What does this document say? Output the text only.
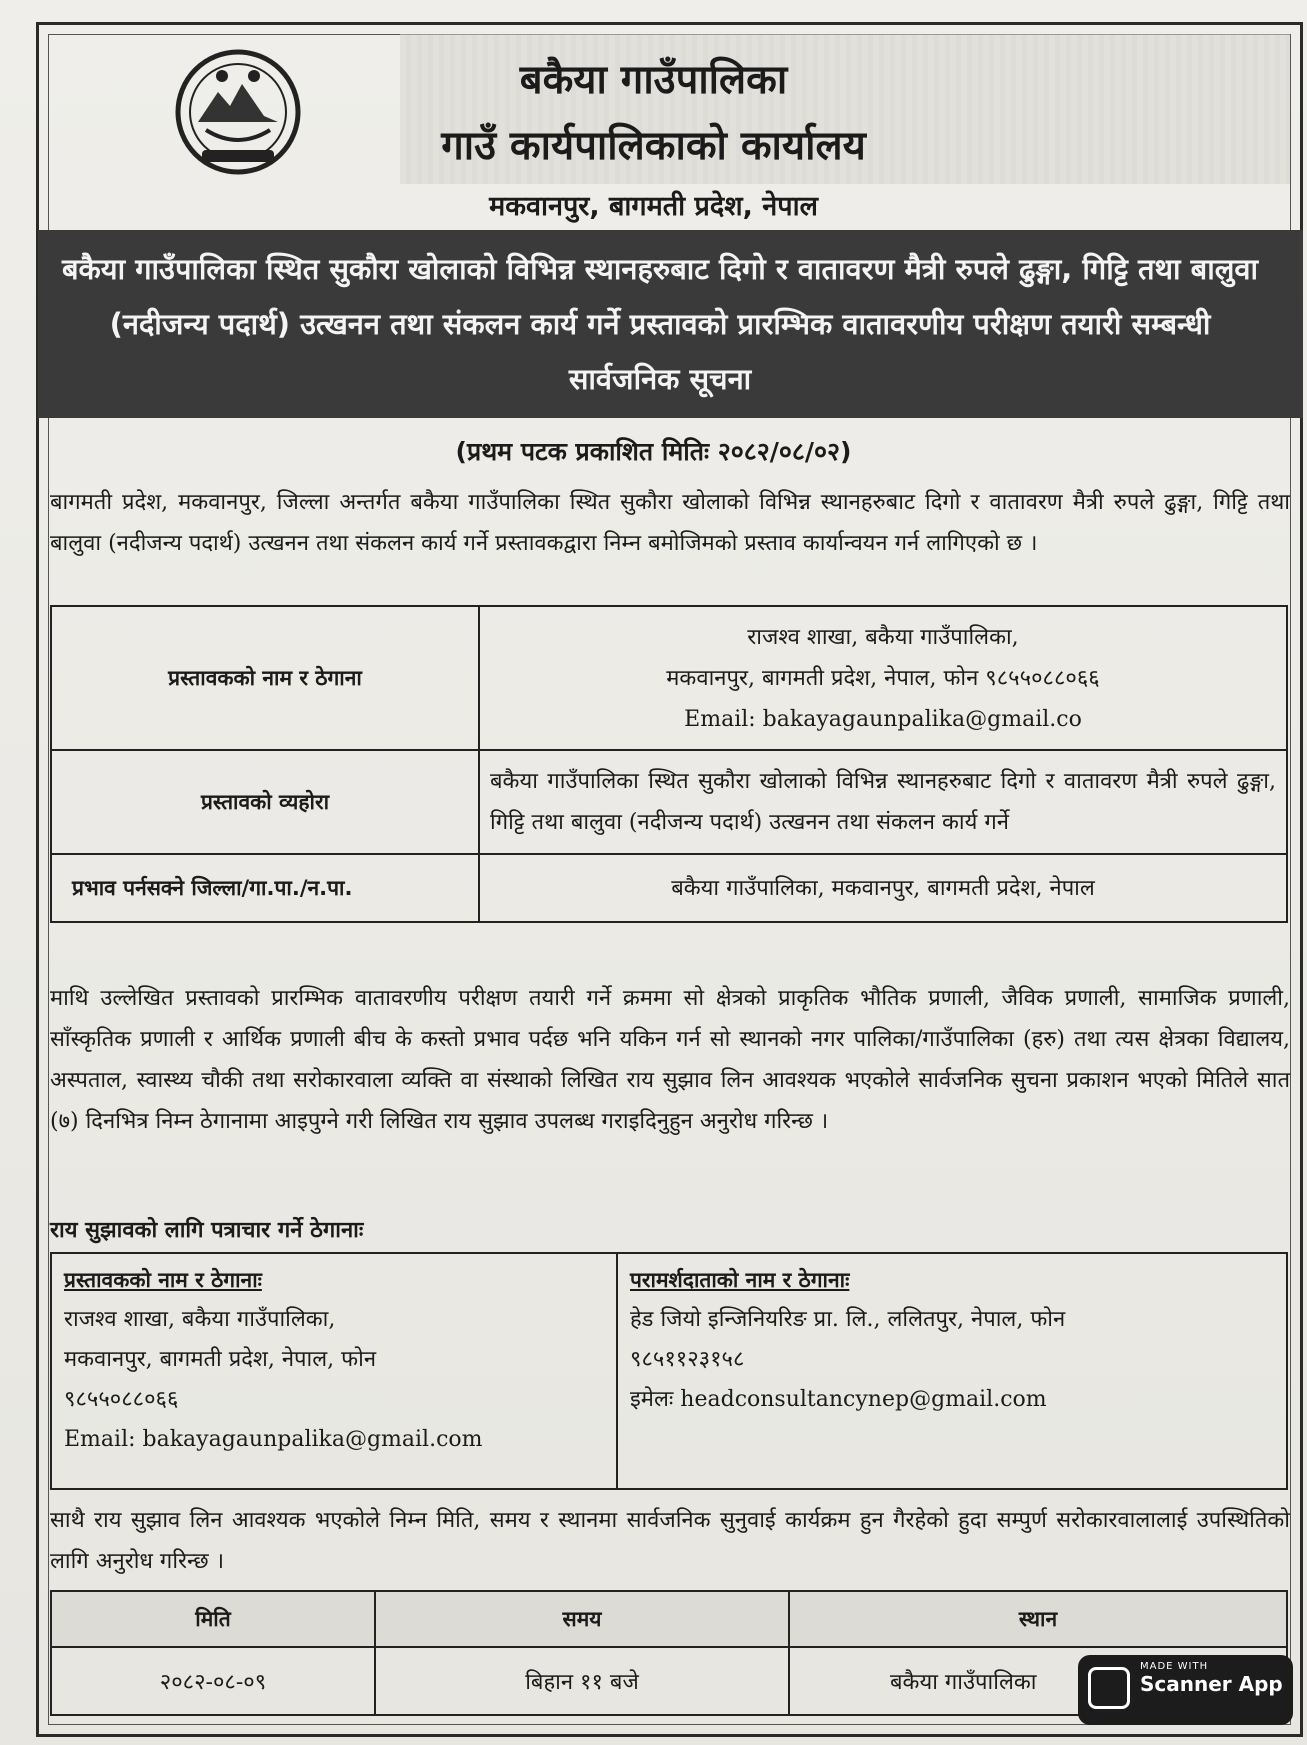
बकैया गाउँपालिका
गाउँ कार्यपालिकाको कार्यालय
मकवानपुर, बागमती प्रदेश, नेपाल
बकैया गाउँपालिका स्थित सुकौरा खोलाको विभिन्न स्थानहरुबाट दिगो र वातावरण मैत्री रुपले ढुङ्गा, गिट्टि तथा बालुवा (नदीजन्य पदार्थ) उत्खनन तथा संकलन कार्य गर्ने प्रस्तावको प्रारम्भिक वातावरणीय परीक्षण तयारी सम्बन्धी सार्वजनिक सूचना
(प्रथम पटक प्रकाशित मितिः २०८२/०८/०२)
बागमती प्रदेश, मकवानपुर, जिल्ला अन्तर्गत बकैया गाउँपालिका स्थित सुकौरा खोलाको विभिन्न स्थानहरुबाट दिगो र वातावरण मैत्री रुपले ढुङ्गा, गिट्टि तथा बालुवा (नदीजन्य पदार्थ) उत्खनन तथा संकलन कार्य गर्ने प्रस्तावकद्वारा निम्न बमोजिमको प्रस्ताव कार्यान्वयन गर्न लागिएको छ ।
प्रस्तावकको नाम र ठेगाना	राजश्व शाखा, बकैया गाउँपालिका,
मकवानपुर, बागमती प्रदेश, नेपाल, फोन ९८५५०८८०६६
Email: bakayagaunpalika@gmail.co

प्रस्तावको व्यहोरा	बकैया गाउँपालिका स्थित सुकौरा खोलाको विभिन्न स्थानहरुबाट दिगो र वातावरण मैत्री रुपले ढुङ्गा, गिट्टि तथा बालुवा (नदीजन्य पदार्थ) उत्खनन तथा संकलन कार्य गर्ने
प्रभाव पर्नसक्ने जिल्ला/गा.पा./न.पा.	बकैया गाउँपालिका, मकवानपुर, बागमती प्रदेश, नेपाल
माथि उल्लेखित प्रस्तावको प्रारम्भिक वातावरणीय परीक्षण तयारी गर्ने क्रममा सो क्षेत्रको प्राकृतिक भौतिक प्रणाली, जैविक प्रणाली, सामाजिक प्रणाली, साँस्कृतिक प्रणाली र आर्थिक प्रणाली बीच के कस्तो प्रभाव पर्दछ भनि यकिन गर्न सो स्थानको नगर पालिका/गाउँपालिका (हरु) तथा त्यस क्षेत्रका विद्यालय, अस्पताल, स्वास्थ्य चौकी तथा सरोकारवाला व्यक्ति वा संस्थाको लिखित राय सुझाव लिन आवश्यक भएकोले सार्वजनिक सुचना प्रकाशन भएको मितिले सात (७) दिनभित्र निम्न ठेगानामा आइपुग्ने गरी लिखित राय सुझाव उपलब्ध गराइदिनुहुन अनुरोध गरिन्छ ।
राय सुझावको लागि पत्राचार गर्ने ठेगानाः
प्रस्तावकको नाम र ठेगानाः
राजश्व शाखा, बकैया गाउँपालिका,
मकवानपुर, बागमती प्रदेश, नेपाल, फोन
९८५५०८८०६६
Email: bakayagaunpalika@gmail.com

परामर्शदाताको नाम र ठेगानाः
हेड जियो इन्जिनियरिङ प्रा. लि., ललितपुर, नेपाल, फोन
९८५११२३१५८
इमेलः headconsultancynep@gmail.com
साथै राय सुझाव लिन आवश्यक भएकोले निम्न मिति, समय र स्थानमा सार्वजनिक सुनुवाई कार्यक्रम हुन गैरहेको हुदा सम्पुर्ण सरोकारवालालाई उपस्थितिको लागि अनुरोध गरिन्छ ।
मिति	समय	स्थान
२०८२-०८-०९	बिहान ११ बजे	बकैया गाउँपालिका
MADE WITH
Scanner App
